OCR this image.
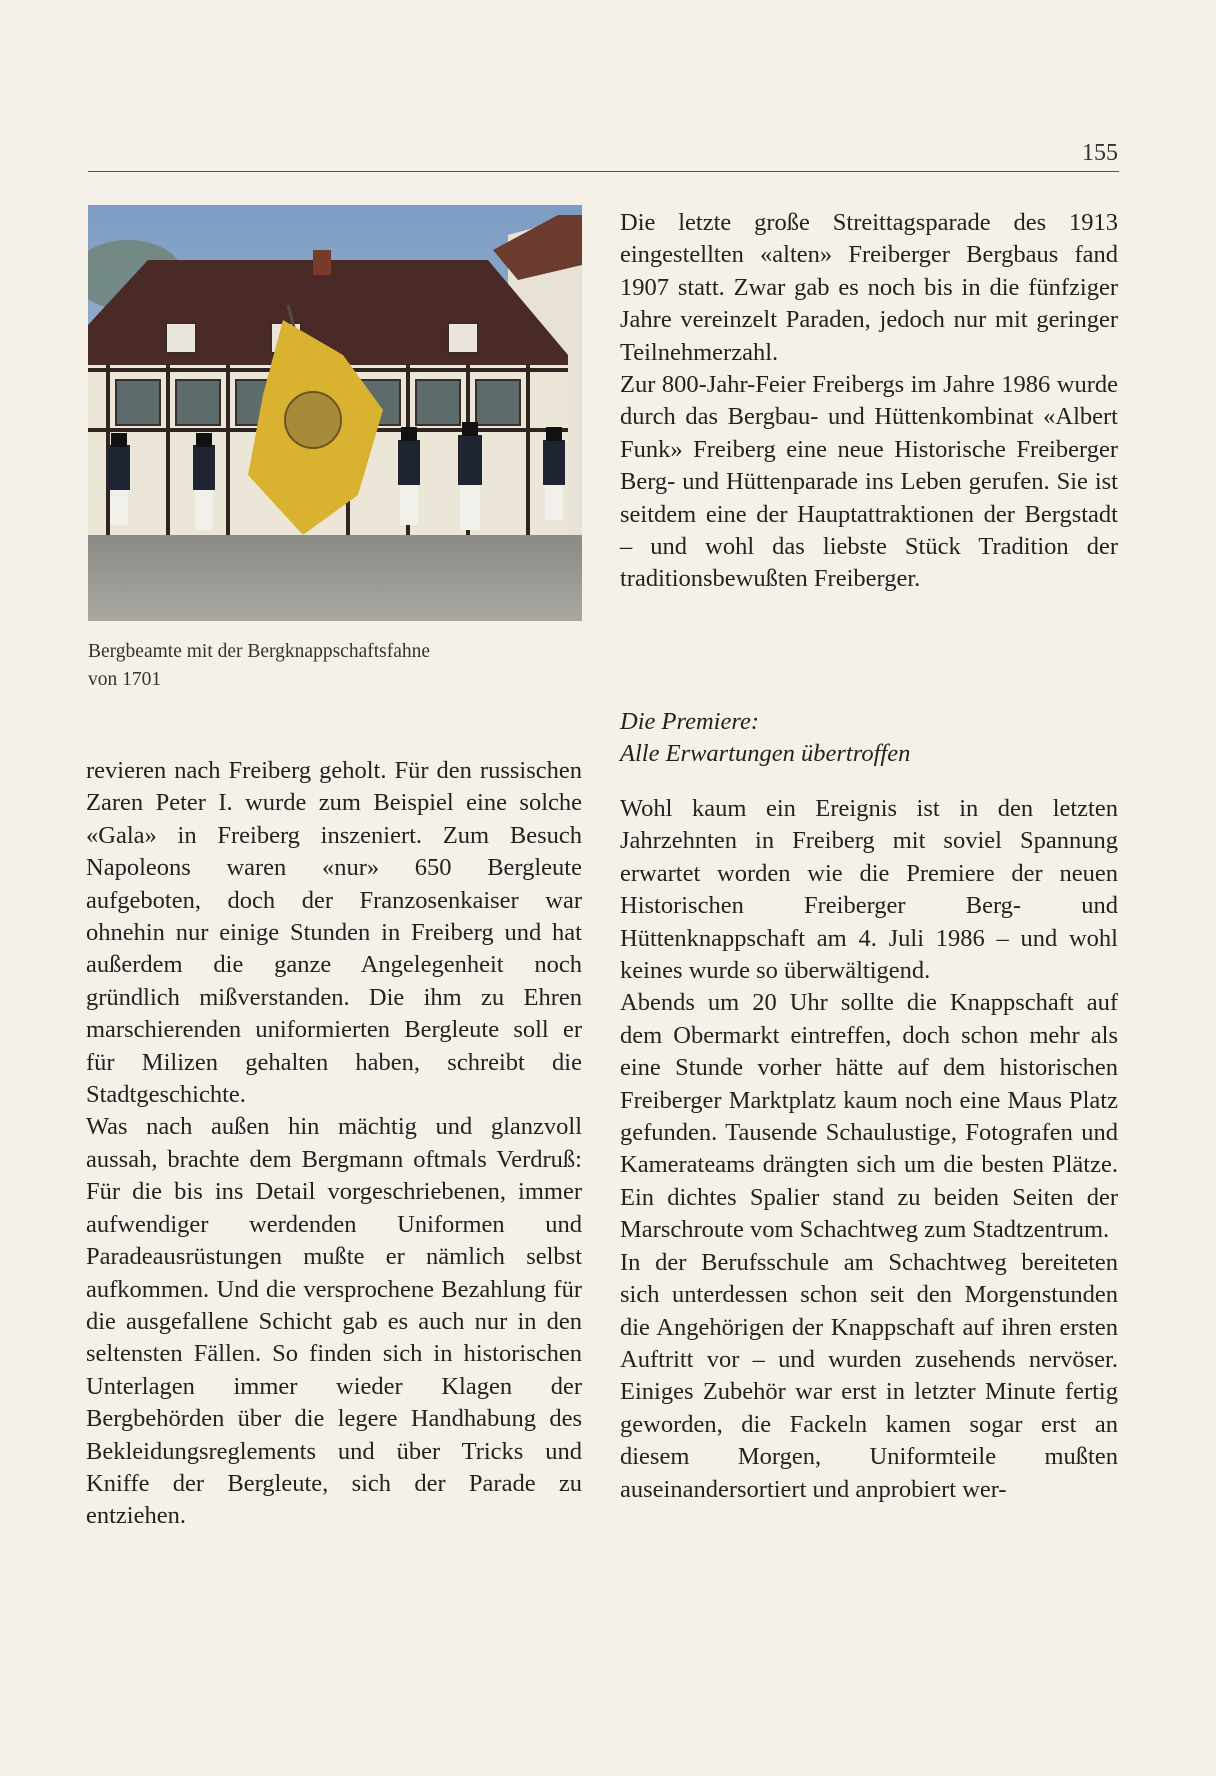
155
Bergbeamte mit der Bergknappschaftsfahne
von 1701

revieren nach Freiberg geholt. Für den russischen Zaren Peter I. wurde zum Beispiel eine solche «Gala» in Freiberg inszeniert. Zum Besuch Napoleons waren «nur» 650 Bergleute aufgeboten, doch der Franzosenkaiser war ohnehin nur einige Stunden in Freiberg und hat außerdem die ganze Angelegenheit noch gründlich mißverstanden. Die ihm zu Ehren marschierenden uniformierten Bergleute soll er für Milizen gehalten haben, schreibt die Stadtgeschichte.

Was nach außen hin mächtig und glanzvoll aussah, brachte dem Bergmann oftmals Verdruß: Für die bis ins Detail vorgeschriebenen, immer aufwendiger werdenden Uniformen und Paradeausrüstungen mußte er nämlich selbst aufkommen. Und die versprochene Bezahlung für die ausgefallene Schicht gab es auch nur in den seltensten Fällen. So finden sich in historischen Unterlagen immer wieder Klagen der Bergbehörden über die legere Handhabung des Bekleidungsreglements und über Tricks und Kniffe der Bergleute, sich der Parade zu entziehen.

Die letzte große Streittagsparade des 1913 eingestellten «alten» Freiberger Bergbaus fand 1907 statt. Zwar gab es noch bis in die fünfziger Jahre vereinzelt Paraden, jedoch nur mit geringer Teilnehmerzahl.

Zur 800-Jahr-Feier Freibergs im Jahre 1986 wurde durch das Bergbau- und Hüttenkombinat «Albert Funk» Freiberg eine neue Historische Freiberger Berg- und Hüttenparade ins Leben gerufen. Sie ist seitdem eine der Hauptattraktionen der Bergstadt – und wohl das liebste Stück Tradition der traditionsbewußten Freiberger.

Die Premiere:
Alle Erwartungen übertroffen

Wohl kaum ein Ereignis ist in den letzten Jahrzehnten in Freiberg mit soviel Spannung erwartet worden wie die Premiere der neuen Historischen Freiberger Berg- und Hüttenknappschaft am 4. Juli 1986 – und wohl keines wurde so überwältigend.

Abends um 20 Uhr sollte die Knappschaft auf dem Obermarkt eintreffen, doch schon mehr als eine Stunde vorher hätte auf dem historischen Freiberger Marktplatz kaum noch eine Maus Platz gefunden. Tausende Schaulustige, Fotografen und Kamerateams drängten sich um die besten Plätze. Ein dichtes Spalier stand zu beiden Seiten der Marschroute vom Schachtweg zum Stadtzentrum.

In der Berufsschule am Schachtweg bereiteten sich unterdessen schon seit den Morgenstunden die Angehörigen der Knappschaft auf ihren ersten Auftritt vor – und wurden zusehends nervöser. Einiges Zubehör war erst in letzter Minute fertig geworden, die Fackeln kamen sogar erst an diesem Morgen, Uniformteile mußten auseinandersortiert und anprobiert wer-
